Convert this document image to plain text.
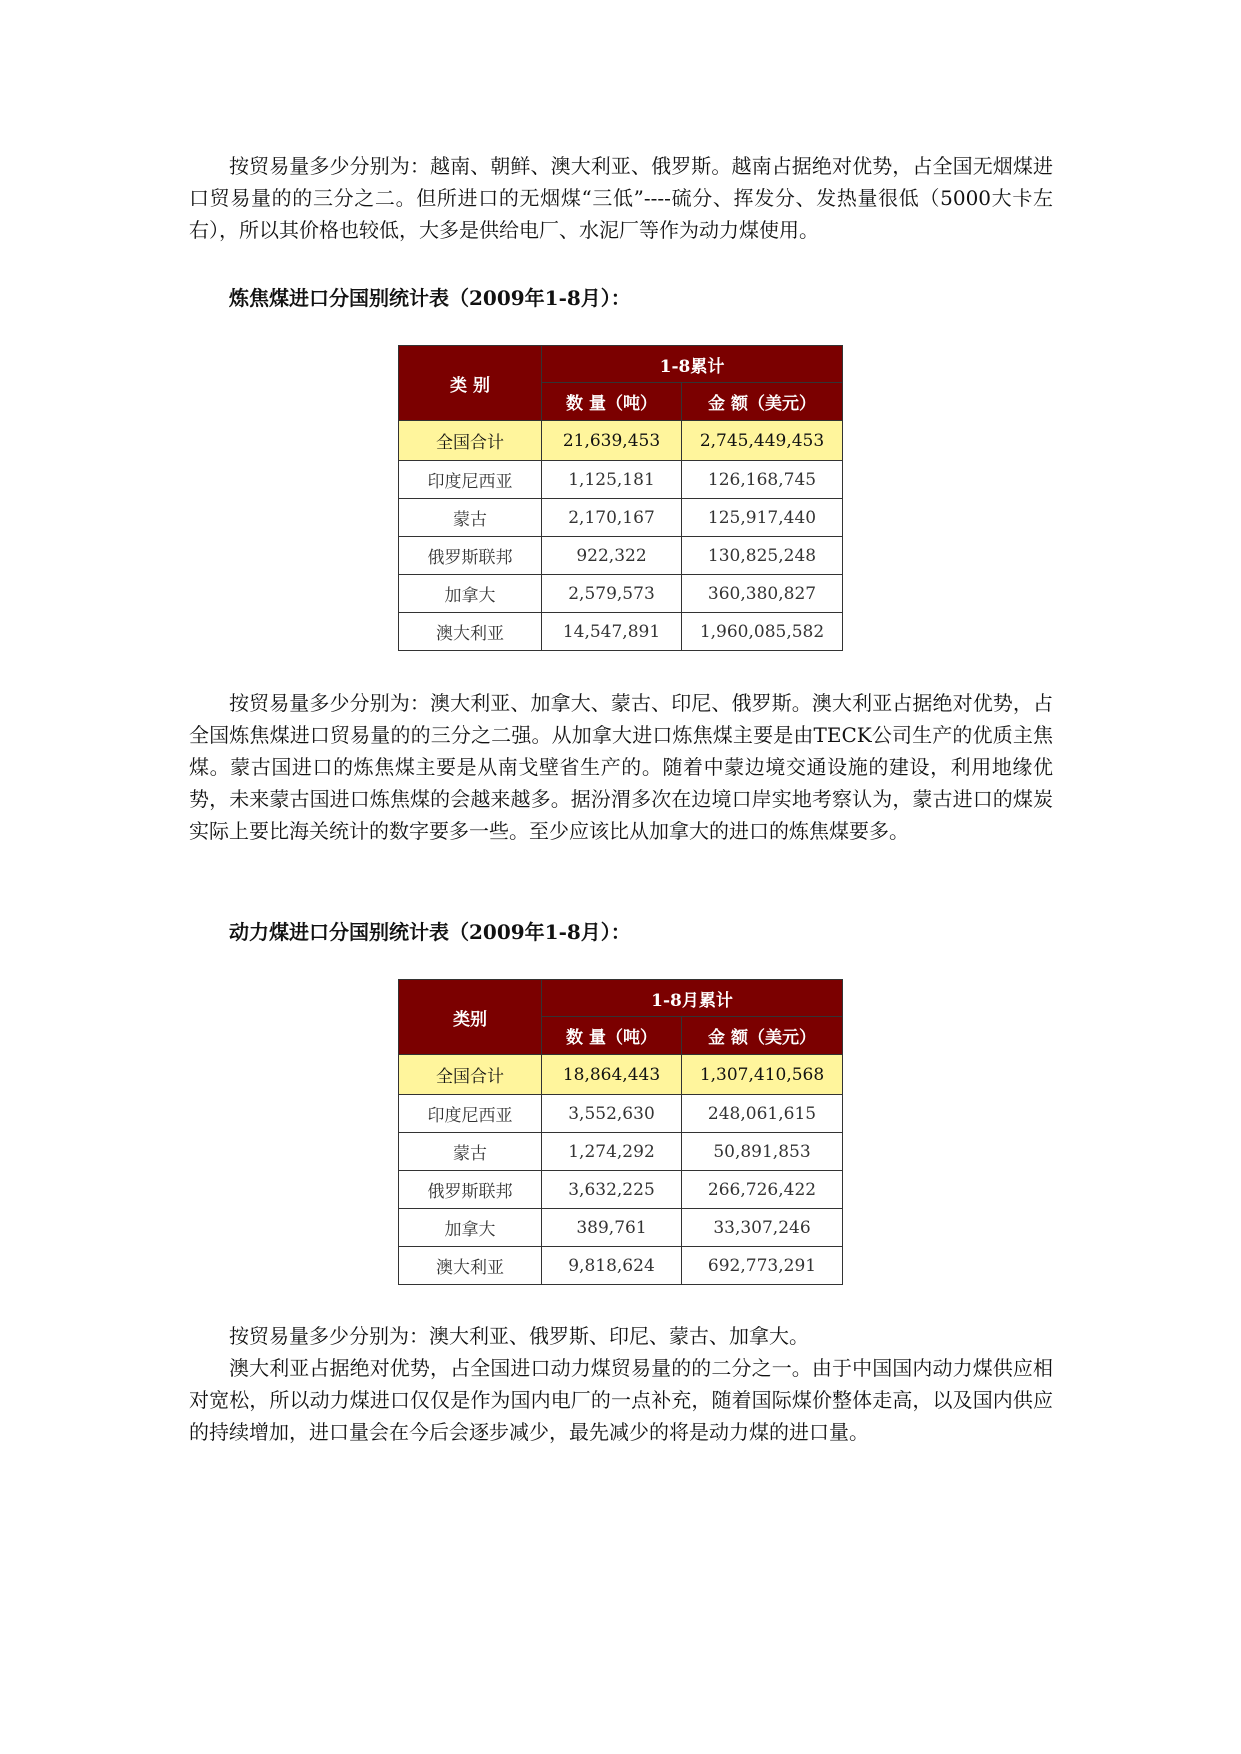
按贸易量多少分别为：越南、朝鲜、澳大利亚、俄罗斯。越南占据绝对优势，占全国无烟煤进口贸易量的的三分之二。但所进口的无烟煤“三低”----硫分、挥发分、发热量很低（5000大卡左右），所以其价格也较低，大多是供给电厂、水泥厂等作为动力煤使用。

炼焦煤进口分国别统计表（2009年1-8月）：

类 别	1-8累计	
	数 量（吨）	金 额（美元）
全国合计	21,639,453	2,745,449,453
印度尼西亚	1,125,181	126,168,745
蒙古	2,170,167	125,917,440
俄罗斯联邦	922,322	130,825,248
加拿大	2,579,573	360,380,827
澳大利亚	14,547,891	1,960,085,582

按贸易量多少分别为：澳大利亚、加拿大、蒙古、印尼、俄罗斯。澳大利亚占据绝对优势，占全国炼焦煤进口贸易量的的三分之二强。从加拿大进口炼焦煤主要是由TECK公司生产的优质主焦煤。蒙古国进口的炼焦煤主要是从南戈壁省生产的。随着中蒙边境交通设施的建设，利用地缘优势，未来蒙古国进口炼焦煤的会越来越多。据汾渭多次在边境口岸实地考察认为，蒙古进口的煤炭实际上要比海关统计的数字要多一些。至少应该比从加拿大的进口的炼焦煤要多。

动力煤进口分国别统计表（2009年1-8月）：

类别	1-8月累计	
	数 量（吨）	金 额（美元）
全国合计	18,864,443	1,307,410,568
印度尼西亚	3,552,630	248,061,615
蒙古	1,274,292	50,891,853
俄罗斯联邦	3,632,225	266,726,422
加拿大	389,761	33,307,246
澳大利亚	9,818,624	692,773,291

按贸易量多少分别为：澳大利亚、俄罗斯、印尼、蒙古、加拿大。

澳大利亚占据绝对优势，占全国进口动力煤贸易量的的二分之一。由于中国国内动力煤供应相对宽松，所以动力煤进口仅仅是作为国内电厂的一点补充，随着国际煤价整体走高，以及国内供应的持续增加，进口量会在今后会逐步减少，最先减少的将是动力煤的进口量。
